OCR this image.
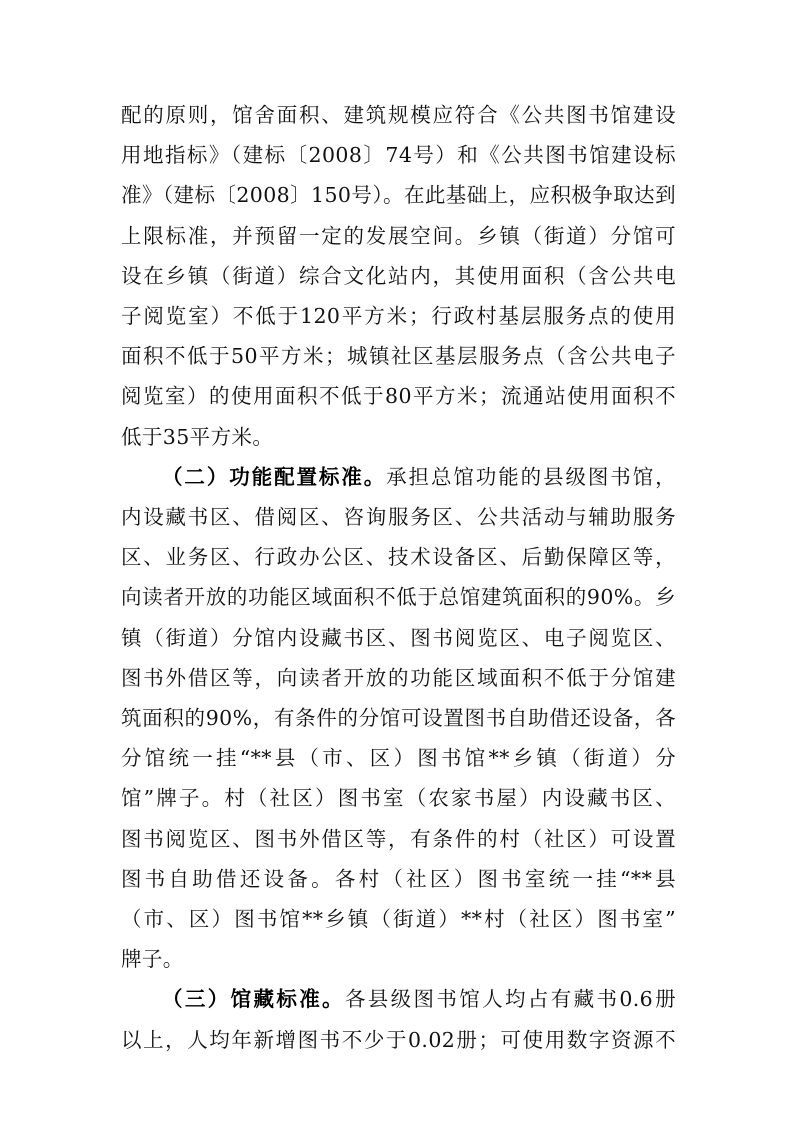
配的原则，馆舍面积、建筑规模应符合《公共图书馆建设
用地指标》（建标〔2008〕74号）和《公共图书馆建设标
准》（建标〔2008〕150号）。在此基础上，应积极争取达到
上限标准，并预留一定的发展空间。乡镇（街道）分馆可
设在乡镇（街道）综合文化站内，其使用面积（含公共电
子阅览室）不低于120平方米；行政村基层服务点的使用
面积不低于50平方米；城镇社区基层服务点（含公共电子
阅览室）的使用面积不低于80平方米；流通站使用面积不
低于35平方米。
（二）功能配置标准。承担总馆功能的县级图书馆，
内设藏书区、借阅区、咨询服务区、公共活动与辅助服务
区、业务区、行政办公区、技术设备区、后勤保障区等，
向读者开放的功能区域面积不低于总馆建筑面积的90%。乡
镇（街道）分馆内设藏书区、图书阅览区、电子阅览区、
图书外借区等，向读者开放的功能区域面积不低于分馆建
筑面积的90%，有条件的分馆可设置图书自助借还设备，各
分馆统一挂“**县（市、区）图书馆**乡镇（街道）分
馆”牌子。村（社区）图书室（农家书屋）内设藏书区、
图书阅览区、图书外借区等，有条件的村（社区）可设置
图书自助借还设备。各村（社区）图书室统一挂“**县
（市、区）图书馆**乡镇（街道）**村（社区）图书室”
牌子。
（三）馆藏标准。各县级图书馆人均占有藏书0.6册
以上，人均年新增图书不少于0.02册；可使用数字资源不
